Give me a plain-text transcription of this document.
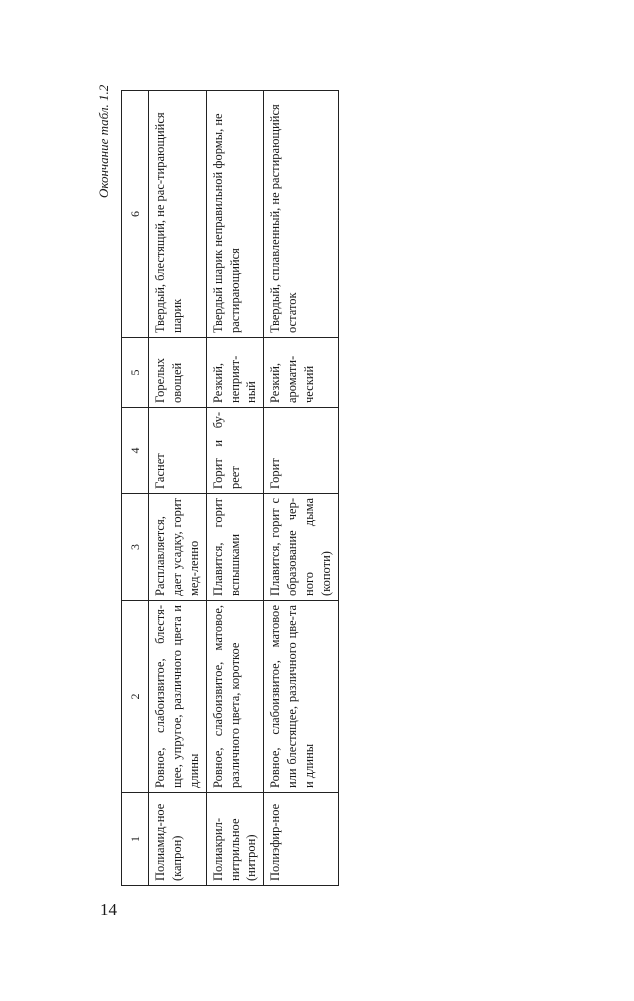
Окончание табл. 1.2
1	2	3	4	5	6
Полиамид-ное (капрон)	Ровное, слабоизвитое, блестя-щее, упругое, различного цвета и длины	Расплавляется, дает усадку, горит мед-ленно	Гаснет	Горелых овощей	Твердый, блестящий, не рас-тирающийся шарик
Полиакрил-нитрильное (нитрон)	Ровное, слабоизвитое, матовое, различного цвета, короткое	Плавится, горит вспышками	Горит и бу-реет	Резкий, неприят-ный	Твердый шарик неправильной формы, не растирающийся
Полиэфир-ное	Ровное, слабоизвитое, матовое или блестящее, различного цве-та и длины	Плавится, горит с образование чер-ного дыма (копоти)	Горит	Резкий, аромати-ческий	Твердый, сплавленный, не растирающийся остаток
14
